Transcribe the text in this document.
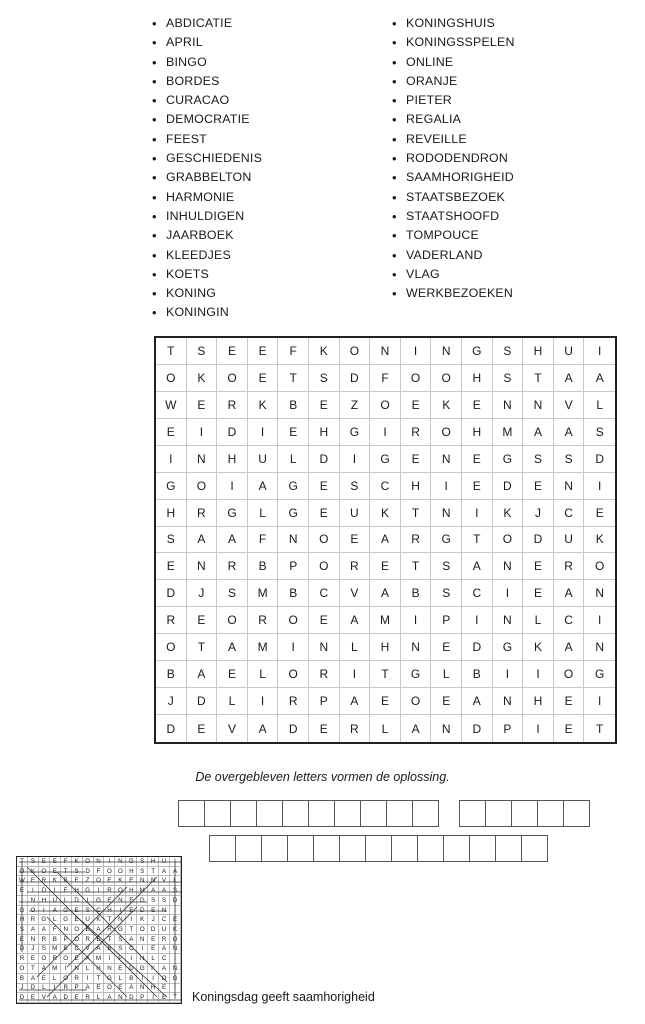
• ABDICATIE
• APRIL
• BINGO
• BORDES
• CURACAO
• DEMOCRATIE
• FEEST
• GESCHIEDENIS
• GRABBELTON
• HARMONIE
• INHULDIGEN
• JAARBOEK
• KLEEDJES
• KOETS
• KONING
• KONINGIN
• KONINGSHUIS
• KONINGSSPELEN
• ONLINE
• ORANJE
• PIETER
• REGALIA
• REVEILLE
• RODODENDRON
• SAAMHORIGHEID
• STAATSBEZOEK
• STAATSHOOFD
• TOMPOUCE
• VADERLAND
• VLAG
• WERKBEZOEKEN
T	S	E	E	F	K	O	N	I	N	G	S	H	U	I
O	K	O	E	T	S	D	F	O	O	H	S	T	A	A
W	E	R	K	B	E	Z	O	E	K	E	N	N	V	L
E	I	D	I	E	H	G	I	R	O	H	M	A	A	S
I	N	H	U	L	D	I	G	E	N	E	G	S	S	D
G	O	I	A	G	E	S	C	H	I	E	D	E	N	I
H	R	G	L	G	E	U	K	T	N	I	K	J	C	E
S	A	A	F	N	O	E	A	R	G	T	O	D	U	K
E	N	R	B	P	O	R	E	T	S	A	N	E	R	O
D	J	S	M	B	C	V	A	B	S	C	I	E	A	N
R	E	O	R	O	E	A	M	I	P	I	N	L	C	I
O	T	A	M	I	N	L	H	N	E	D	G	K	A	N
B	A	E	L	O	R	I	T	G	L	B	I	I	O	G
J	D	L	I	R	P	A	E	O	E	A	N	H	E	I
D	E	V	A	D	E	R	L	A	N	D	P	I	E	T
De overgebleven letters vormen de oplossing.
T	S	E	E	F	K	O	N	I	N	G	S	H	U	I
O	K	O	E	T	S	D	F	O O	H	S	T	A	A
W E	R	K	B	E	Z	O	E	K	E	N	N	V	L
E	I	D	I	E	H	G	I	R	O	H M	A	A	S
I	N	H	U	L	D	I	G	E	N	E	G	S	S	D
G O	I	A	G	E	S	C	H	I	E	D	E	N	I
H	R	G	L	G	E	U	K	T	N	I	K	J	C	E
S	A	A	F	N	O	E	A	R	G	T	O	D	U	K
E	N	R	B	P	O	R	E	T	S	A	N	E	R	O
D	J	S	M	B	C	V	A	B	S	C	I	E	A	N
R	E	O	R	O	E	A	M	I	P	I	N	L	C	I
O	T	A	M	I	N	L	H	N	E	D	G	K	A	N
B	A	E	L	O	R	I	T	G	L	B	I	I	O G
J	D	L	I	R	P	A	E	O	E	A	N	H	E	I
D	E	V	A	D	E	R	L	A	N	D	P	I	E	T	Koningsdag geeft saamhorigheid
